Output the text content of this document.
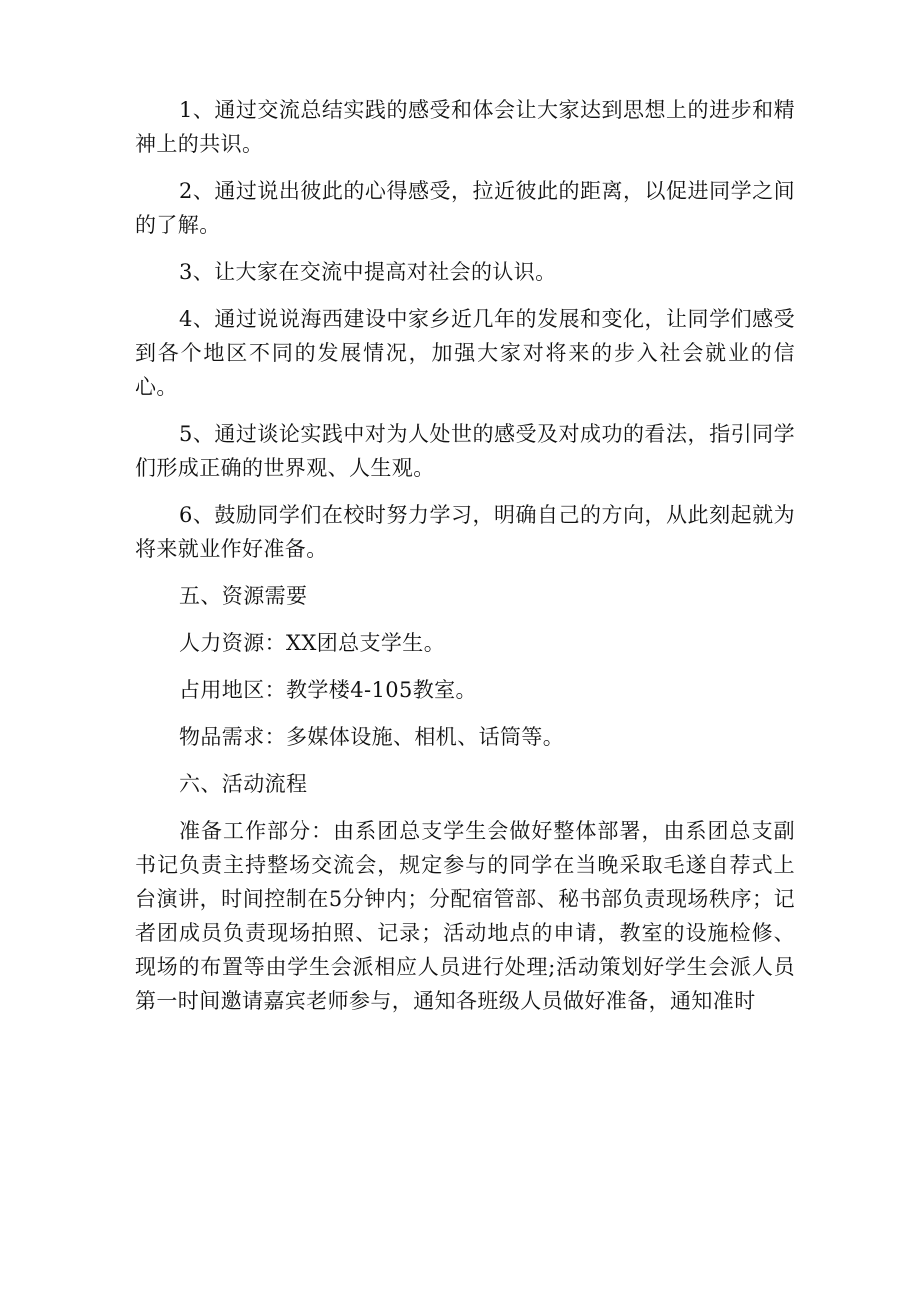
1、通过交流总结实践的感受和体会让大家达到思想上的进步和精神上的共识。

2、通过说出彼此的心得感受，拉近彼此的距离，以促进同学之间的了解。

3、让大家在交流中提高对社会的认识。

4、通过说说海西建设中家乡近几年的发展和变化，让同学们感受到各个地区不同的发展情况，加强大家对将来的步入社会就业的信心。

5、通过谈论实践中对为人处世的感受及对成功的看法，指引同学们形成正确的世界观、人生观。

6、鼓励同学们在校时努力学习，明确自己的方向，从此刻起就为将来就业作好准备。

五、资源需要

人力资源：XX团总支学生。

占用地区：教学楼4-105教室。

物品需求：多媒体设施、相机、话筒等。

六、活动流程

准备工作部分：由系团总支学生会做好整体部署，由系团总支副书记负责主持整场交流会，规定参与的同学在当晚采取毛遂自荐式上台演讲，时间控制在5分钟内；分配宿管部、秘书部负责现场秩序；记者团成员负责现场拍照、记录；活动地点的申请，教室的设施检修、现场的布置等由学生会派相应人员进行处理;活动策划好学生会派人员第一时间邀请嘉宾老师参与，通知各班级人员做好准备，通知准时
